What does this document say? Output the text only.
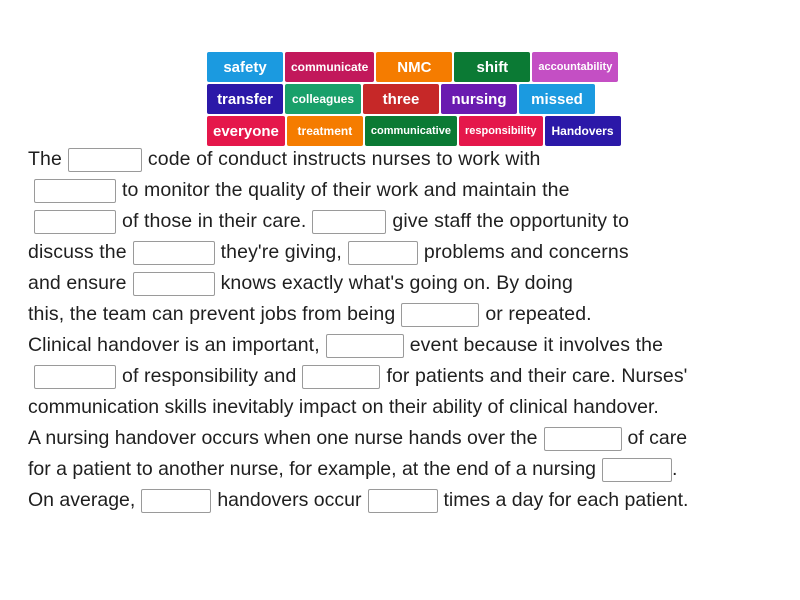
safety	communicate	NMC	shift	accountability
transfer	colleagues	three	nursing	missed
everyone	treatment	communicative	responsibility	Handovers
The	code of conduct instructs nurses to work with
to monitor the quality of their work and maintain the
of those in their care.	give staff the opportunity to
discuss the	they're giving,	problems and concerns
and ensure	knows exactly what's going on. By doing
this, the team can prevent jobs from being	or repeated.
Clinical handover is an important,	event because it involves the
of responsibility and	for patients and their care. Nurses'
communication skills inevitably impact on their ability of clinical handover.
A nursing handover occurs when one nurse hands over the	of care
for a patient to another nurse, for example, at the end of a nursing	.
On average,	handovers occur	times a day for each patient.
